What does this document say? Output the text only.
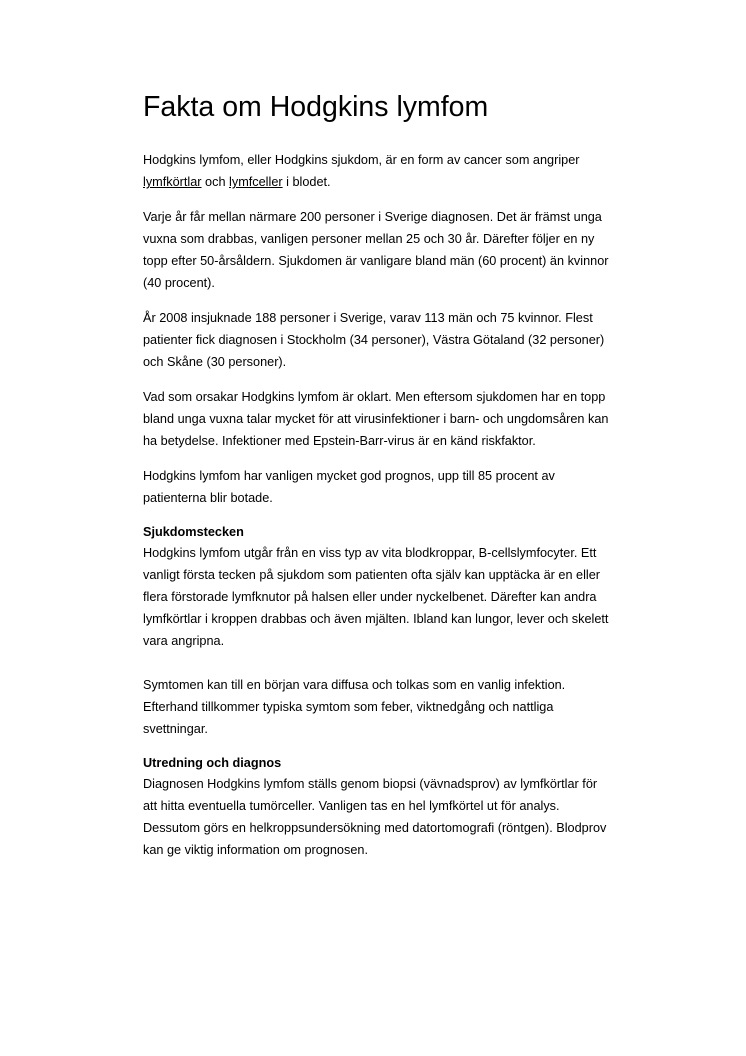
Fakta om Hodgkins lymfom

Hodgkins lymfom, eller Hodgkins sjukdom, är en form av cancer som angriper lymfkörtlar och lymfceller i blodet.

Varje år får mellan närmare 200 personer i Sverige diagnosen. Det är främst unga vuxna som drabbas, vanligen personer mellan 25 och 30 år. Därefter följer en ny topp efter 50-årsåldern. Sjukdomen är vanligare bland män (60 procent) än kvinnor (40 procent).

År 2008 insjuknade 188 personer i Sverige, varav 113 män och 75 kvinnor. Flest patienter fick diagnosen i Stockholm (34 personer), Västra Götaland (32 personer) och Skåne (30 personer).

Vad som orsakar Hodgkins lymfom är oklart. Men eftersom sjukdomen har en topp bland unga vuxna talar mycket för att virusinfektioner i barn- och ungdomsåren kan ha betydelse. Infektioner med Epstein-Barr-virus är en känd riskfaktor.

Hodgkins lymfom har vanligen mycket god prognos, upp till 85 procent av patienterna blir botade.

Sjukdomstecken

Hodgkins lymfom utgår från en viss typ av vita blodkroppar, B-cellslymfocyter. Ett vanligt första tecken på sjukdom som patienten ofta själv kan upptäcka är en eller flera förstorade lymfknutor på halsen eller under nyckelbenet. Därefter kan andra lymfkörtlar i kroppen drabbas och även mjälten. Ibland kan lungor, lever och skelett vara angripna.

Symtomen kan till en början vara diffusa och tolkas som en vanlig infektion. Efterhand tillkommer typiska symtom som feber, viktnedgång och nattliga svettningar.

Utredning och diagnos

Diagnosen Hodgkins lymfom ställs genom biopsi (vävnadsprov) av lymfkörtlar för att hitta eventuella tumörceller. Vanligen tas en hel lymfkörtel ut för analys. Dessutom görs en helkroppsundersökning med datortomografi (röntgen). Blodprov kan ge viktig information om prognosen.
